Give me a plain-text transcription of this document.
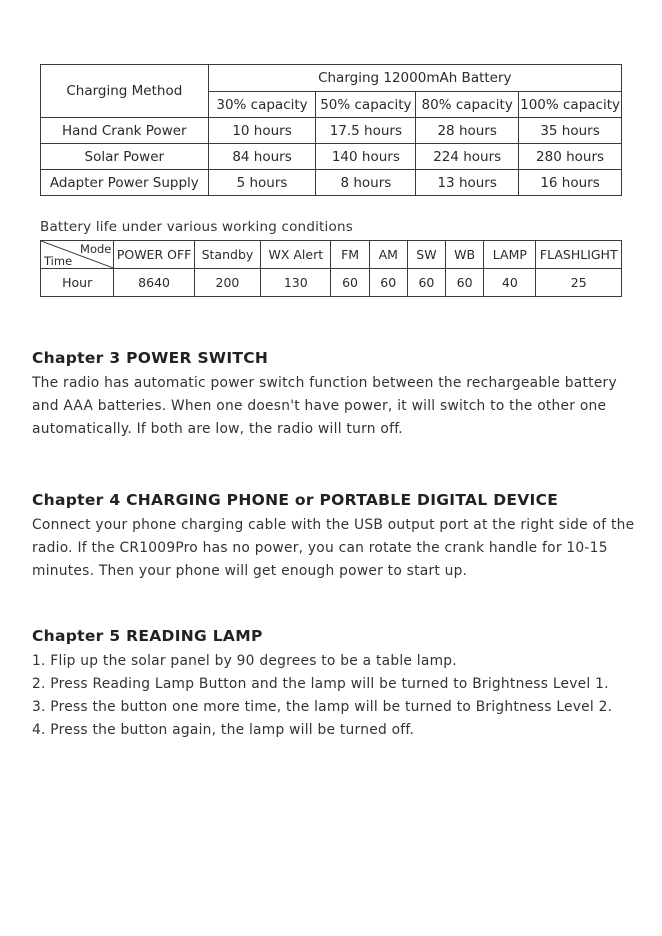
Charging Method	Charging 12000mAh Battery			
	30% capacity	50% capacity	80% capacity	100% capacity
Hand Crank Power	10 hours	17.5 hours	28 hours	35 hours
Solar Power	84 hours	140 hours	224 hours	280 hours
Adapter Power Supply	5 hours	8 hours	13 hours	16 hours
Battery life under various working conditions
Mode
Time	POWER OFF	Standby	WX Alert	FM	AM	SW	WB	LAMP	FLASHLIGHT
Hour	8640	200	130	60	60	60	60	40	25
Chapter 3 POWER SWITCH

The radio has automatic power switch function between the rechargeable battery
and AAA batteries. When one doesn't have power, it will switch to the other one
automatically. If both are low, the radio will turn off.

Chapter 4 CHARGING PHONE or PORTABLE DIGITAL DEVICE

Connect your phone charging cable with the USB output port at the right side of the
radio. If the CR1009Pro has no power, you can rotate the crank handle for 10-15
minutes. Then your phone will get enough power to start up.

Chapter 5 READING LAMP

1. Flip up the solar panel by 90 degrees to be a table lamp.
2. Press Reading Lamp Button and the lamp will be turned to Brightness Level 1.
3. Press the button one more time, the lamp will be turned to Brightness Level 2.
4. Press the button again, the lamp will be turned off.
